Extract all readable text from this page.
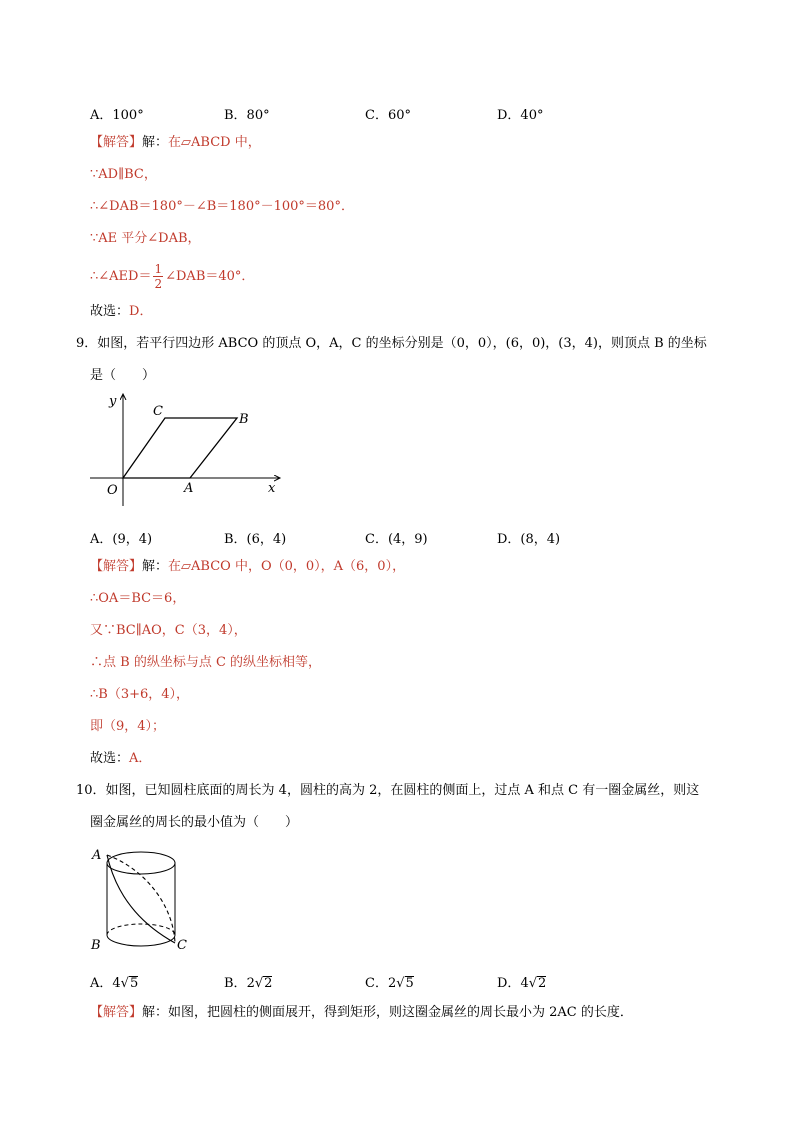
A．100°	B．80°	C．60°	D．40°
【解答】解：在▱ABCD 中，
∵AD∥BC，
∴∠DAB＝180°－∠B＝180°－100°＝80°．
∵AE 平分∠DAB，
∴∠AED＝ $\frac{1}{2}$ ∠DAB＝40°．
故选：D．
9．如图，若平行四边形 ABCO 的顶点 O，A，C 的坐标分别是（0，0），(6，0)，(3，4)，则顶点 B 的坐标
是（　　）
y
x
O	A
B
C
A．(9，4)	B．(6，4)	C．(4，9)	D．(8，4)
【解答】解：在▱ABCO 中，O（0，0），A（6，0），
∴OA＝BC＝6，
又∵BC∥AO，C（3，4），
∴点 B 的纵坐标与点 C 的纵坐标相等，
∴B（3+6，4），
即（9，4）；
故选：A．
10．如图，已知圆柱底面的周长为 4，圆柱的高为 2，在圆柱的侧面上，过点 A 和点 C 有一圈金属丝，则这
圈金属丝的周长的最小值为（　　）
A
B	C
A．4√5	B．2√2	C．2√5	D．4√2
【解答】解：如图，把圆柱的侧面展开，得到矩形，则这圈金属丝的周长最小为 2AC 的长度．
